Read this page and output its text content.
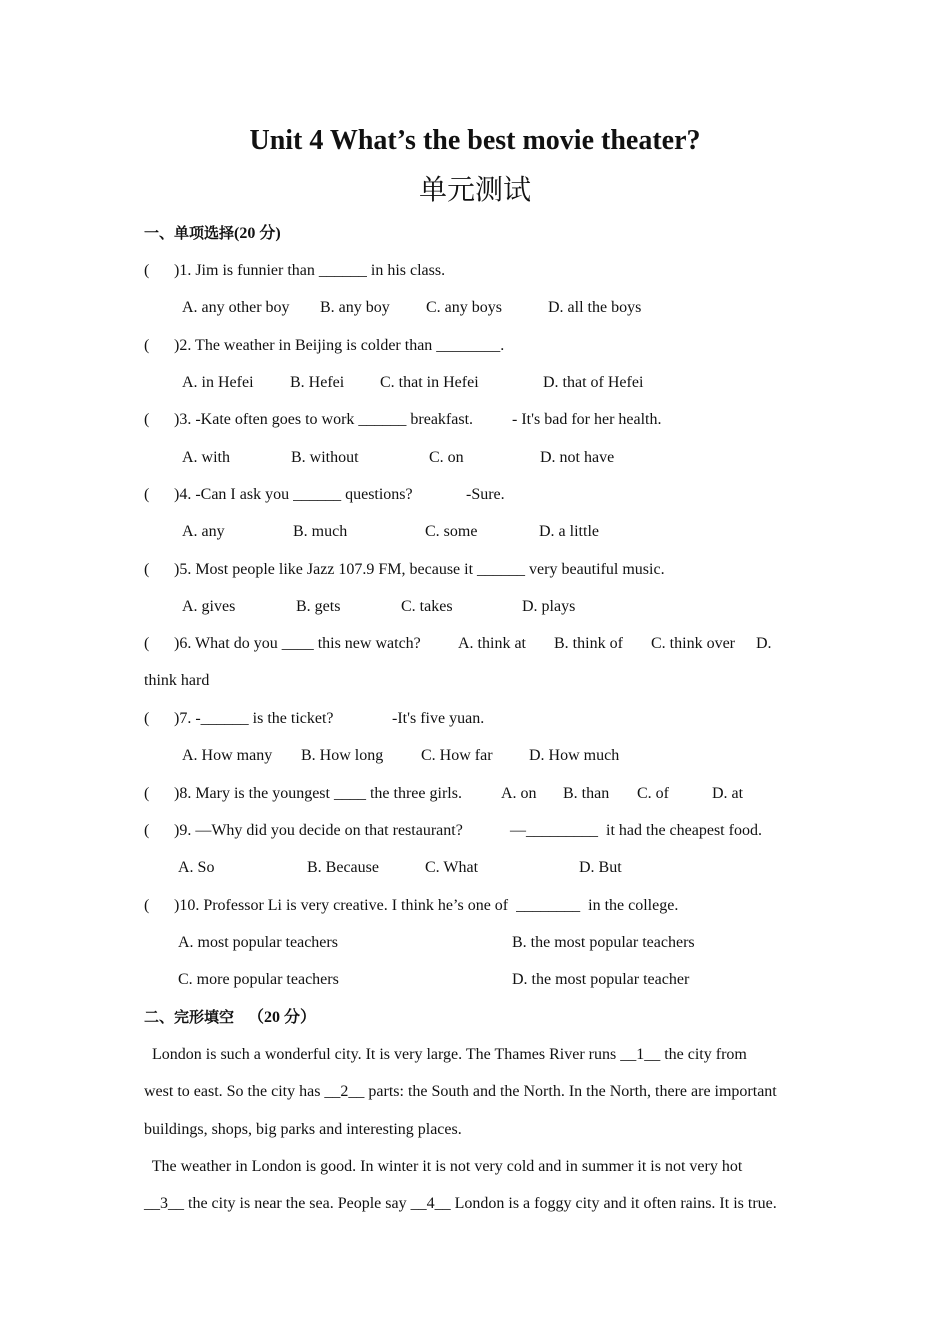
Unit 4 What’s the best movie theater?
单元测试
一、单项选择(20 分)
( )1. Jim is funnier than ______ in his class.
A. any other boy B. any boy C. any boys	D. all the boys
( )2. The weather in Beijing is colder than ________.
A. in Hefei B. Hefei C. that in Hefei	D. that of Hefei
( )3. -Kate often goes to work ______ breakfast. - It's bad for her health.
A. with	B. without	C. on	D. not have
( )4. -Can I ask you ______ questions?	-Sure.
A. any	B. much	C. some	D. a little
( )5. Most people like Jazz 107.9 FM, because it ______ very beautiful music.
A. gives	B. gets	C. takes	D. plays
( )6. What do you ____ this new watch? A. think at B. think of C. think over D.
think hard
( )7. -______ is the ticket?	-It's five yuan.
A. How many B. How long C. How far D. How much
( )8. Mary is the youngest ____ the three girls. A. on B. than C. of	D. at
( )9. —Why did you decide on that restaurant?	—_________  it had the cheapest food.
A. So	B. Because	C. What	D. But
( )10. Professor Li is very creative. I think he’s one of  ________  in the college.
A. most popular teachers	B. the most popular teachers
C. more popular teachers	D. the most popular teacher
二、完形填空 （20 分）
London is such a wonderful city. It is very large. The Thames River runs __1__ the city from
west to east. So the city has __2__ parts: the South and the North. In the North, there are important
buildings, shops, big parks and interesting places.
The weather in London is good. In winter it is not very cold and in summer it is not very hot
__3__ the city is near the sea. People say __4__ London is a foggy city and it often rains. It is true.
